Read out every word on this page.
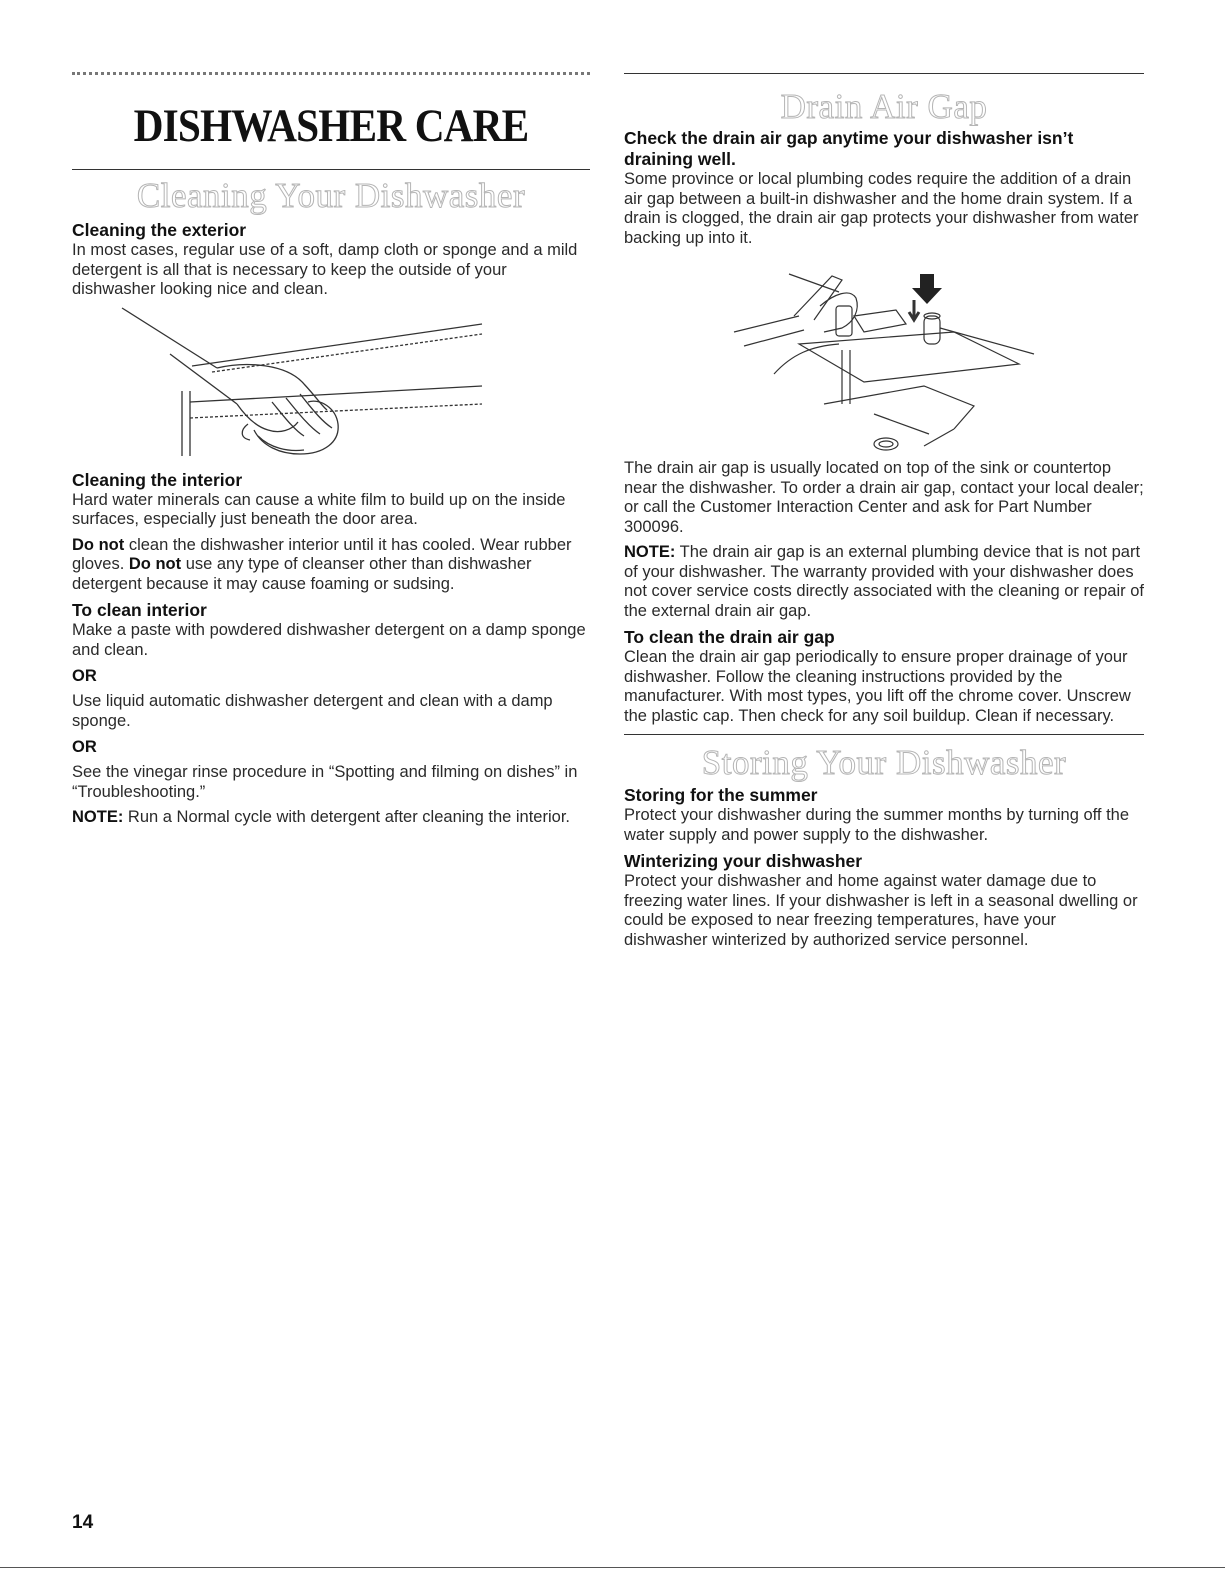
DISHWASHER CARE
Cleaning Your Dishwasher
Cleaning the exterior

In most cases, regular use of a soft, damp cloth or sponge and a mild detergent is all that is necessary to keep the outside of your dishwasher looking nice and clean.

Cleaning the interior

Hard water minerals can cause a white film to build up on the inside surfaces, especially just beneath the door area.

Do not clean the dishwasher interior until it has cooled. Wear rubber gloves. Do not use any type of cleanser other than dishwasher detergent because it may cause foaming or sudsing.

To clean interior

Make a paste with powdered dishwasher detergent on a damp sponge and clean.

OR

Use liquid automatic dishwasher detergent and clean with a damp sponge.

OR

See the vinegar rinse procedure in “Spotting and filming on dishes” in “Troubleshooting.”

NOTE: Run a Normal cycle with detergent after cleaning the interior.

Drain Air Gap
Check the drain air gap anytime your dishwasher isn’t draining well.

Some province or local plumbing codes require the addition of a drain air gap between a built-in dishwasher and the home drain system. If a drain is clogged, the drain air gap protects your dishwasher from water backing up into it.

The drain air gap is usually located on top of the sink or countertop near the dishwasher. To order a drain air gap, contact your local dealer; or call the Customer Interaction Center and ask for Part Number 300096.

NOTE: The drain air gap is an external plumbing device that is not part of your dishwasher. The warranty provided with your dishwasher does not cover service costs directly associated with the cleaning or repair of the external drain air gap.

To clean the drain air gap

Clean the drain air gap periodically to ensure proper drainage of your dishwasher. Follow the cleaning instructions provided by the manufacturer. With most types, you lift off the chrome cover. Unscrew the plastic cap. Then check for any soil buildup. Clean if necessary.

Storing Your Dishwasher
Storing for the summer

Protect your dishwasher during the summer months by turning off the water supply and power supply to the dishwasher.

Winterizing your dishwasher

Protect your dishwasher and home against water damage due to freezing water lines. If your dishwasher is left in a seasonal dwelling or could be exposed to near freezing temperatures, have your dishwasher winterized by authorized service personnel.

14
